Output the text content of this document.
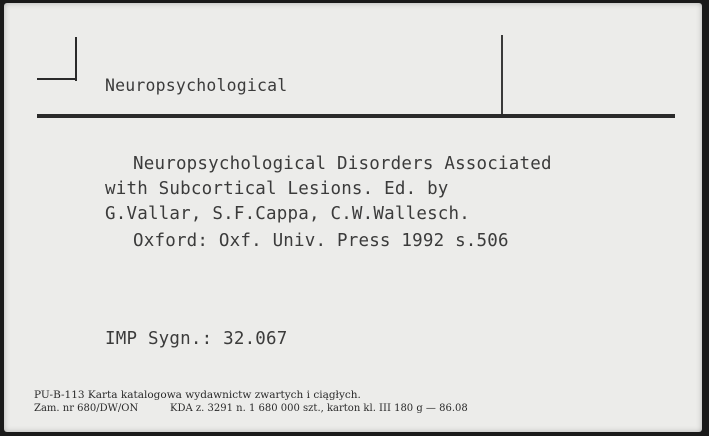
Neuropsychological
Neuropsychological Disorders Associated
with Subcortical Lesions. Ed. by
G.Vallar, S.F.Cappa, C.W.Wallesch.
Oxford: Oxf. Univ. Press 1992 s.506
IMP Sygn.: 32.067
PU-B-113 Karta katalogowa wydawnictw zwartych i ciągłych.
Zam. nr 680/DW/ON          KDA z. 3291 n. 1 680 000 szt., karton kl. III 180 g — 86.08
